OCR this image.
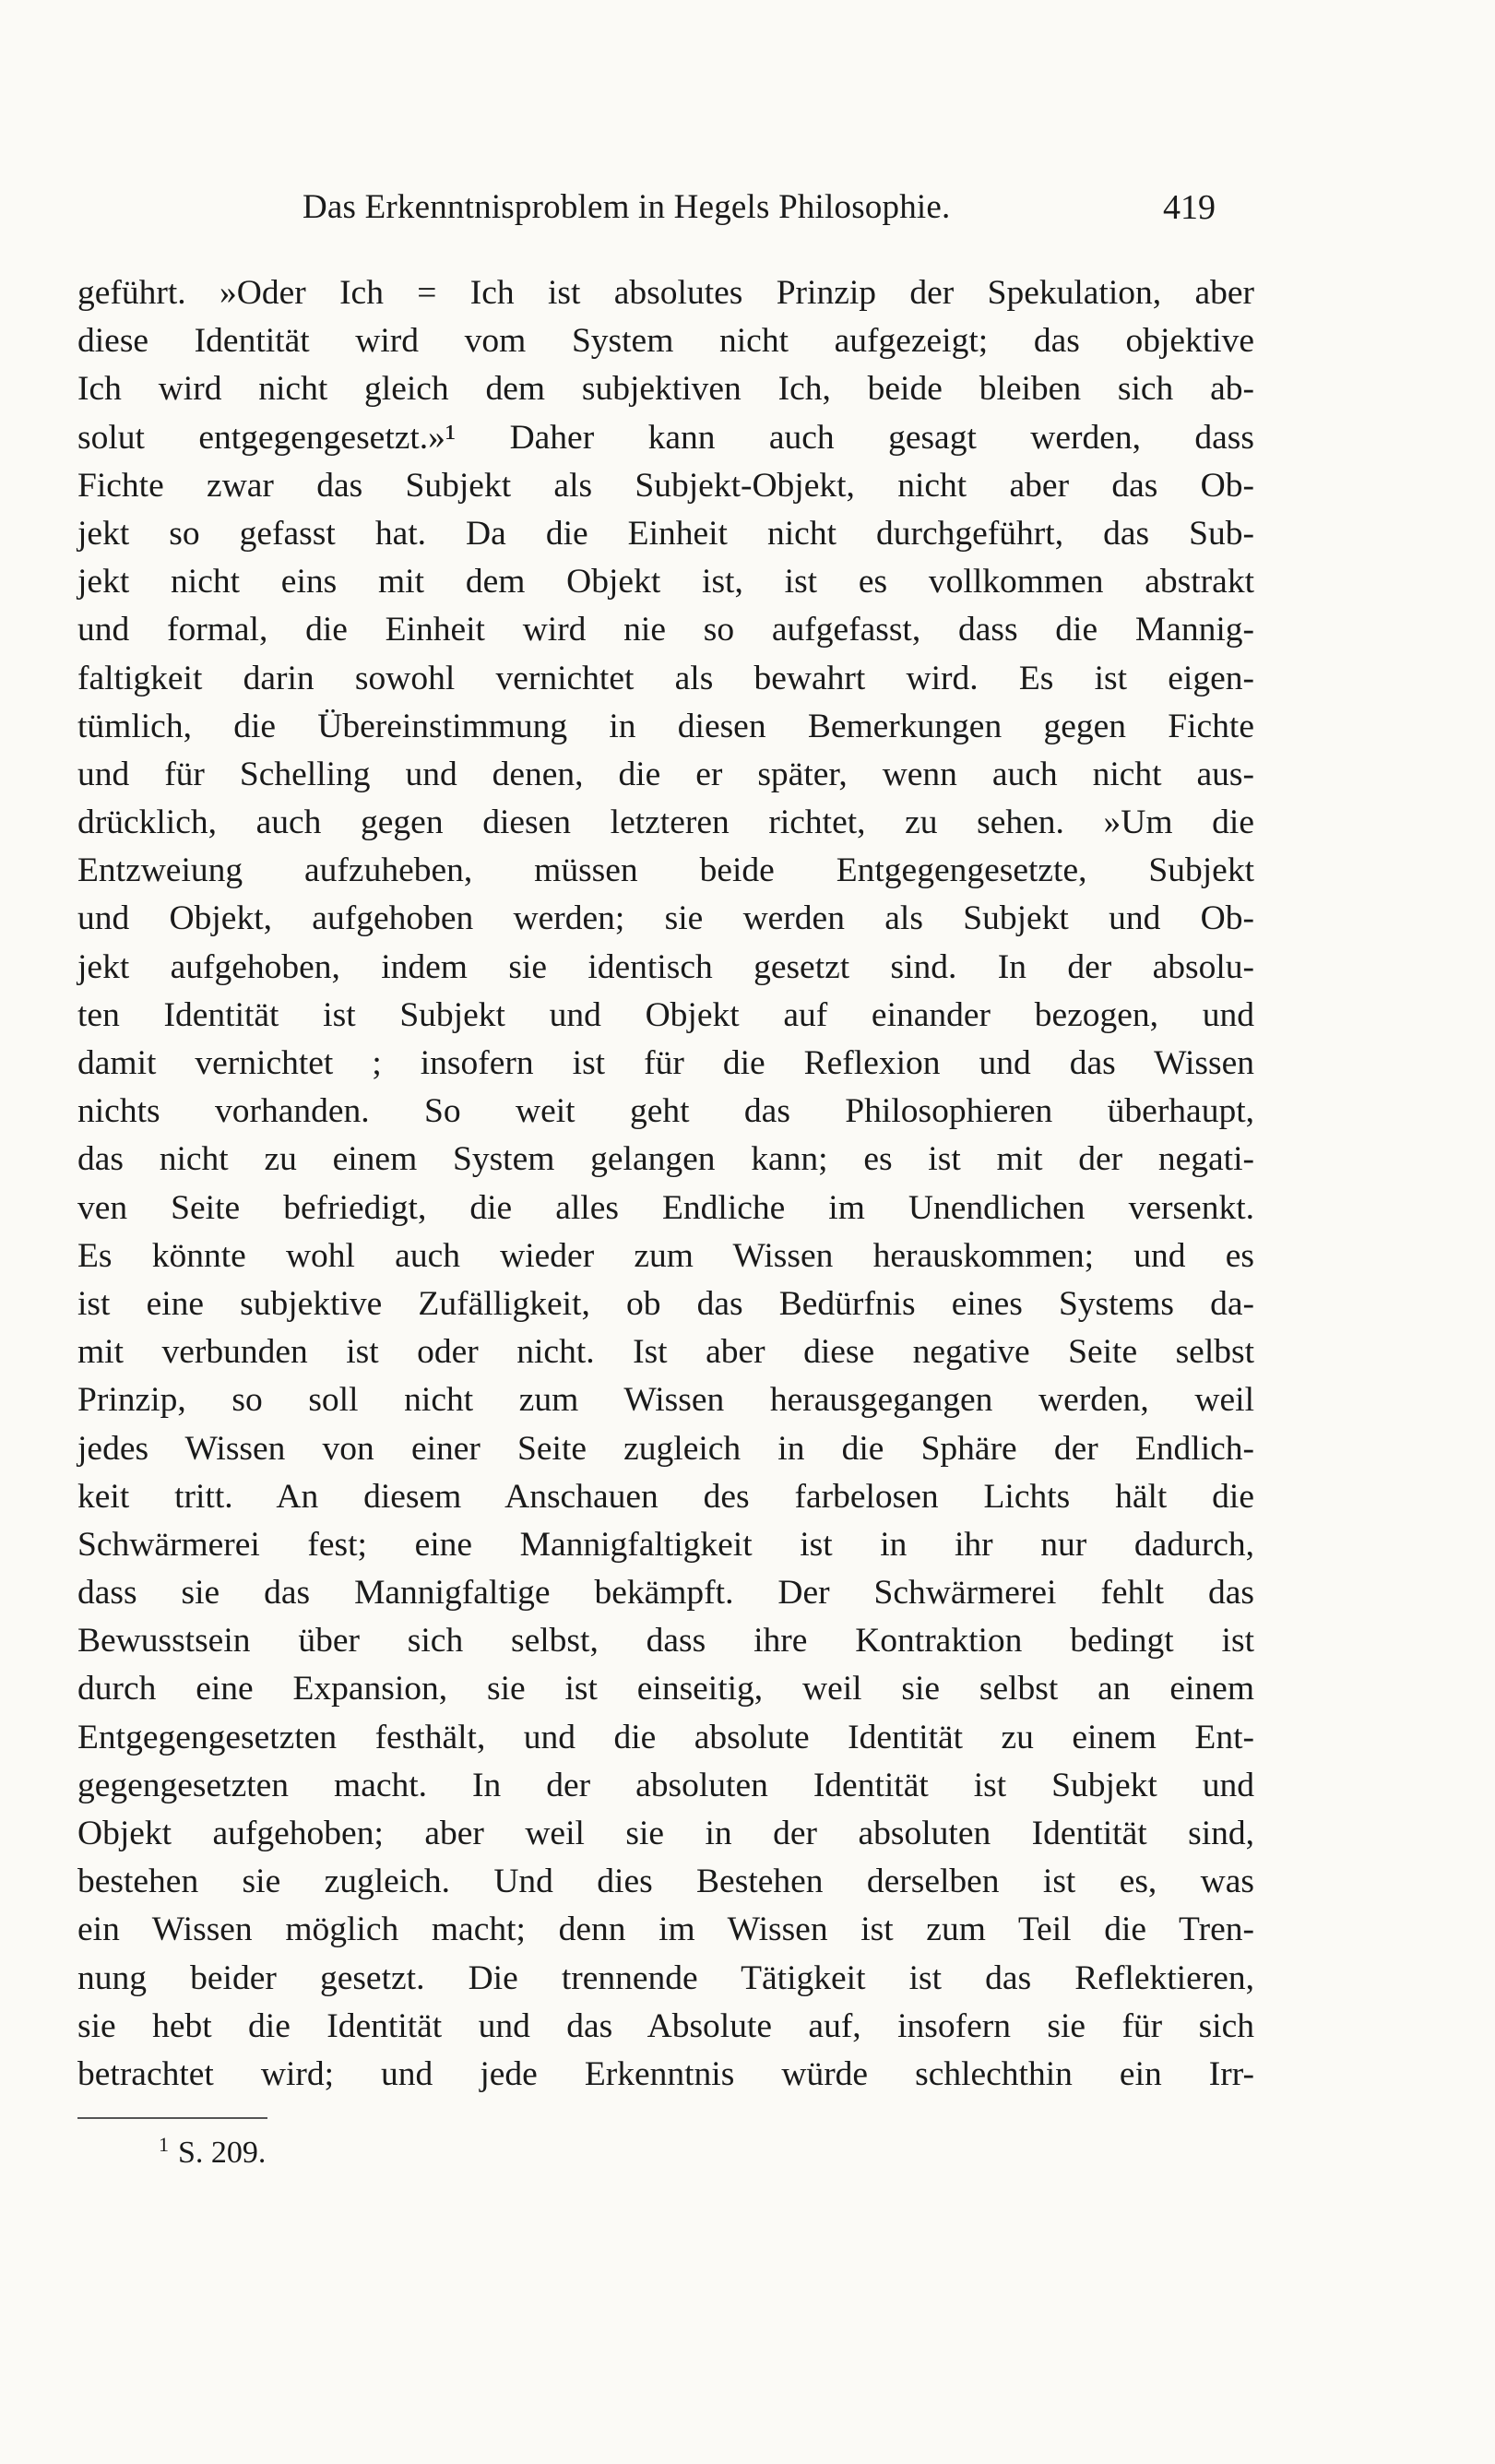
Das Erkenntnisproblem in Hegels Philosophie.	419
geführt. »Oder Ich = Ich ist absolutes Prinzip der Spekulation, aber
diese Identität wird vom System nicht aufgezeigt; das objektive
Ich wird nicht gleich dem subjektiven Ich, beide bleiben sich ab-
solut entgegengesetzt.»¹ Daher kann auch gesagt werden, dass
Fichte zwar das Subjekt als Subjekt-Objekt, nicht aber das Ob-
jekt so gefasst hat. Da die Einheit nicht durchgeführt, das Sub-
jekt nicht eins mit dem Objekt ist, ist es vollkommen abstrakt
und formal, die Einheit wird nie so aufgefasst, dass die Mannig-
faltigkeit darin sowohl vernichtet als bewahrt wird. Es ist eigen-
tümlich, die Übereinstimmung in diesen Bemerkungen gegen Fichte
und für Schelling und denen, die er später, wenn auch nicht aus-
drücklich, auch gegen diesen letzteren richtet, zu sehen. »Um die
Entzweiung aufzuheben, müssen beide Entgegengesetzte, Subjekt
und Objekt, aufgehoben werden; sie werden als Subjekt und Ob-
jekt aufgehoben, indem sie identisch gesetzt sind. In der absolu-
ten Identität ist Subjekt und Objekt auf einander bezogen, und
damit vernichtet ; insofern ist für die Reflexion und das Wissen
nichts vorhanden. So weit geht das Philosophieren überhaupt,
das nicht zu einem System gelangen kann; es ist mit der negati-
ven Seite befriedigt, die alles Endliche im Unendlichen versenkt.
Es könnte wohl auch wieder zum Wissen herauskommen; und es
ist eine subjektive Zufälligkeit, ob das Bedürfnis eines Systems da-
mit verbunden ist oder nicht. Ist aber diese negative Seite selbst
Prinzip, so soll nicht zum Wissen herausgegangen werden, weil
jedes Wissen von einer Seite zugleich in die Sphäre der Endlich-
keit tritt. An diesem Anschauen des farbelosen Lichts hält die
Schwärmerei fest; eine Mannigfaltigkeit ist in ihr nur dadurch,
dass sie das Mannigfaltige bekämpft. Der Schwärmerei fehlt das
Bewusstsein über sich selbst, dass ihre Kontraktion bedingt ist
durch eine Expansion, sie ist einseitig, weil sie selbst an einem
Entgegengesetzten festhält, und die absolute Identität zu einem Ent-
gegengesetzten macht. In der absoluten Identität ist Subjekt und
Objekt aufgehoben; aber weil sie in der absoluten Identität sind,
bestehen sie zugleich. Und dies Bestehen derselben ist es, was
ein Wissen möglich macht; denn im Wissen ist zum Teil die Tren-
nung beider gesetzt. Die trennende Tätigkeit ist das Reflektieren,
sie hebt die Identität und das Absolute auf, insofern sie für sich
betrachtet wird; und jede Erkenntnis würde schlechthin ein Irr-
$^1$ S. 209.
